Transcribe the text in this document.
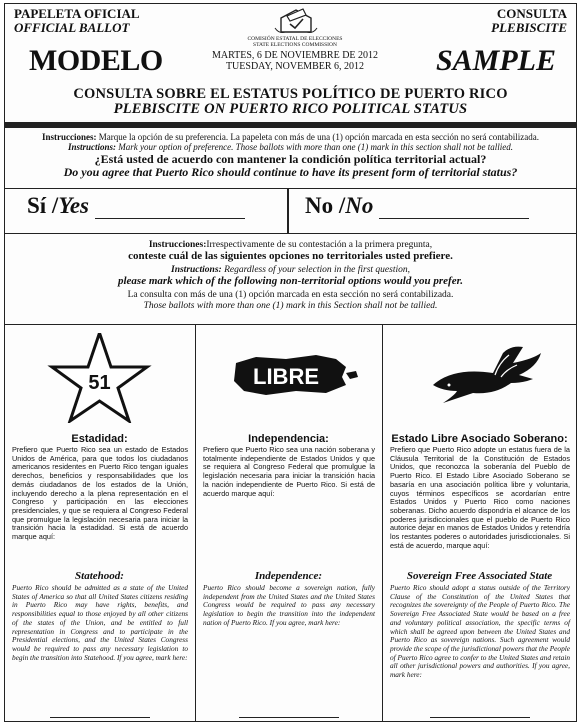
PAPELETA OFICIAL
OFFICIAL BALLOT
CONSULTA
PLEBISCITE
COMISIÓN ESTATAL DE ELECCIONES
STATE ELECTIONS COMMISSION
MARTES, 6 DE NOVIEMBRE DE 2012
TUESDAY, NOVEMBER 6, 2012
MODELO	SAMPLE
CONSULTA SOBRE EL ESTATUS POLÍTICO DE PUERTO RICO
PLEBISCITE ON PUERTO RICO POLITICAL STATUS
Instrucciones: Marque la opción de su preferencia. La papeleta con más de una (1) opción marcada en esta sección no será contabilizada.
Instructions: Mark your option of preference. Those ballots with more than one (1) mark in this section shall not be tallied.
¿Está usted de acuerdo con mantener la condición política territorial actual?
Do you agree that Puerto Rico should continue to have its present form of territorial status?
Sí /Yes	No /No
Instrucciones:Irrespectivamente de su contestación a la primera pregunta,
conteste cuál de las siguientes opciones no territoriales usted prefiere.
Instructions: Regardless of your selection in the first question,
please mark which of the following non-territorial options would you prefer.
La consulta con más de una (1) opción marcada en esta sección no será contabilizada.
Those ballots with more than one (1) mark in this Section shall not be tallied.
51
Estadidad:
Prefiero que Puerto Rico sea un estado de Estados Unidos de América, para que todos los ciudadanos americanos residentes en Puerto Rico tengan iguales derechos, beneficios y responsabilidades que los demás ciudadanos de los estados de la Unión, incluyendo derecho a la plena representación en el Congreso y participación en las elecciones presidenciales, y que se requiera al Congreso Federal que promulgue la legislación necesaria para iniciar la transición hacia la estadidad. Si está de acuerdo marque aquí:
Statehood:
Puerto Rico should be admitted as a state of the United States of America so that all United States citizens residing in Puerto Rico may have rights, benefits, and responsibilities equal to those enjoyed by all other citizens of the states of the Union, and be entitled to full representation in Congress and to participate in the Presidential elections, and the United States Congress would be required to pass any necessary legislation to begin the transition into Statehood. If you agree, mark here:
LIBRE
Independencia:
Prefiero que Puerto Rico sea una nación soberana y totalmente independiente de Estados Unidos y que se requiera al Congreso Federal que promulgue la legislación necesaria para iniciar la transición hacia la nación independiente de Puerto Rico. Si está de acuerdo marque aquí:
Independence:
Puerto Rico should become a sovereign nation, fully independent from the United States and the United States Congress would be required to pass any necessary legislation to begin the transition into the independent nation of Puerto Rico. If you agree, mark here:
Estado Libre Asociado Soberano:
Prefiero que Puerto Rico adopte un estatus fuera de la Cláusula Territorial de la Constitución de Estados Unidos, que reconozca la soberanía del Pueblo de Puerto Rico. El Estado Libre Asociado Soberano se basaría en una asociación política libre y voluntaria, cuyos términos específicos se acordarían entre Estados Unidos y Puerto Rico como naciones soberanas. Dicho acuerdo dispondría el alcance de los poderes jurisdiccionales que el pueblo de Puerto Rico autorice dejar en manos de Estados Unidos y retendría los restantes poderes o autoridades jurisdiccionales. Si está de acuerdo, marque aquí:
Sovereign Free Associated State
Puerto Rico should adopt a status outside of the Territory Clause of the Constitution of the United States that recognizes the sovereignty of the People of Puerto Rico. The Sovereign Free Associated State would be based on a free and voluntary political association, the specific terms of which shall be agreed upon between the United States and Puerto Rico as sovereign nations. Such agreement would provide the scope of the jurisdictional powers that the People of Puerto Rico agree to confer to the United States and retain all other jurisdictional powers and authorities. If you agree, mark here:
